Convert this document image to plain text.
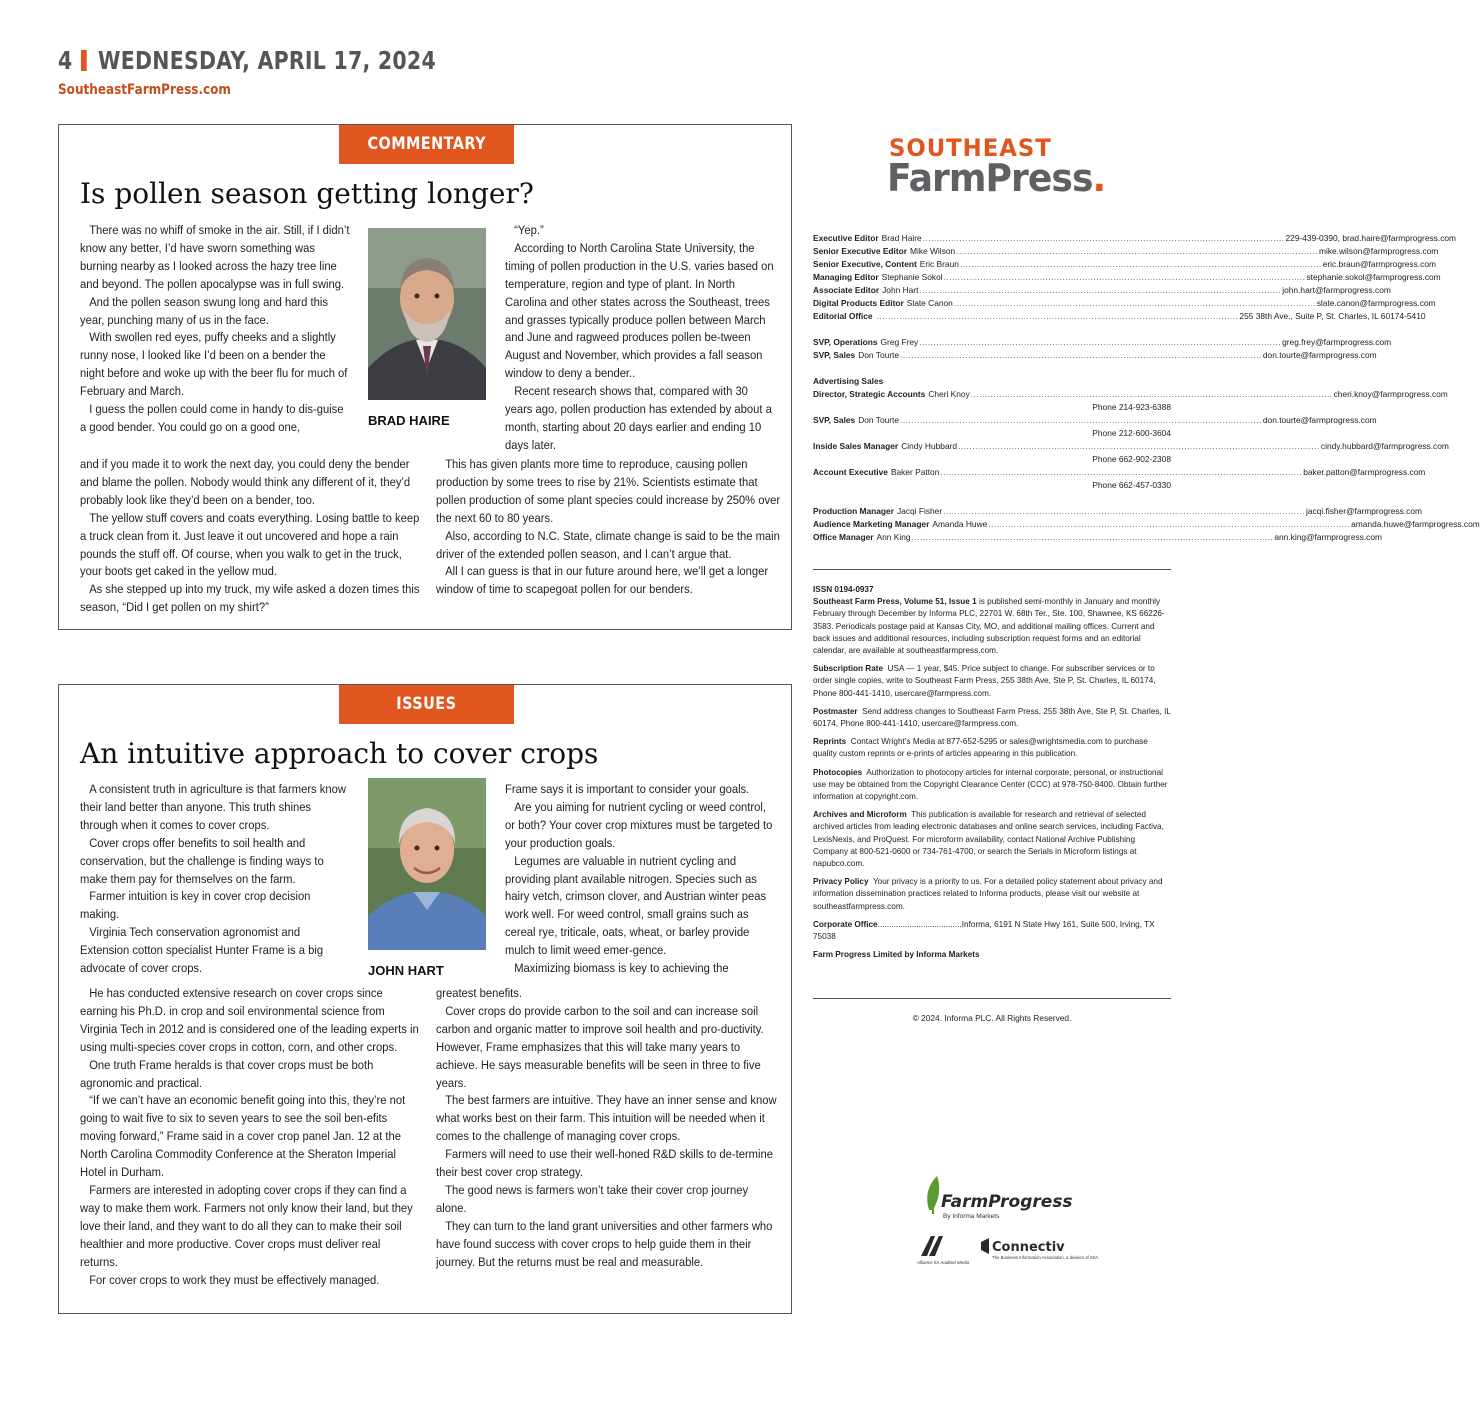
4 WEDNESDAY, APRIL 17, 2024
SoutheastFarmPress.com
COMMENTARY
Is pollen season getting longer?

There was no whiff of smoke in the air. Still, if I didn’t know any better, I’d have sworn something was burning nearby as I looked across the hazy tree line and beyond. The pollen apocalypse was in full swing.

And the pollen season swung long and hard this year, punching many of us in the face.

With swollen red eyes, puffy cheeks and a slightly runny nose, I looked like I’d been on a bender the night before and woke up with the beer flu for much of February and March.

I guess the pollen could come in handy to dis-guise a good bender. You could go on a good one,	BRAD HAIRE

“Yep.”

According to North Carolina State University, the timing of pollen production in the U.S. varies based on temperature, region and type of plant. In North Carolina and other states across the Southeast, trees and grasses typically produce pollen between March and June and ragweed produces pollen be-tween August and November, which provides a fall season window to deny a bender..

Recent research shows that, compared with 30 years ago, pollen production has extended by about a month, starting about 20 days earlier and ending 10 days later.

and if you made it to work the next day, you could deny the bender and blame the pollen. Nobody would think any different of it, they’d probably look like they’d been on a bender, too.

The yellow stuff covers and coats everything. Losing battle to keep a truck clean from it. Just leave it out uncovered and hope a rain pounds the stuff off. Of course, when you walk to get in the truck, your boots get caked in the yellow mud.

As she stepped up into my truck, my wife asked a dozen times this season, “Did I get pollen on my shirt?”

This has given plants more time to reproduce, causing pollen production by some trees to rise by 21%. Scientists estimate that pollen production of some plant species could increase by 250% over the next 60 to 80 years.

Also, according to N.C. State, climate change is said to be the main driver of the extended pollen season, and I can’t argue that.

All I can guess is that in our future around here, we’ll get a longer window of time to scapegoat pollen for our benders.

ISSUES
An intuitive approach to cover crops

A consistent truth in agriculture is that farmers know their land better than anyone. This truth shines through when it comes to cover crops.

Cover crops offer benefits to soil health and conservation, but the challenge is finding ways to make them pay for themselves on the farm.

Farmer intuition is key in cover crop decision making.

Virginia Tech conservation agronomist and Extension cotton specialist Hunter Frame is a big advocate of cover crops.	JOHN HART

Frame says it is important to consider your goals.

Are you aiming for nutrient cycling or weed control, or both? Your cover crop mixtures must be targeted to your production goals.

Legumes are valuable in nutrient cycling and providing plant available nitrogen. Species such as hairy vetch, crimson clover, and Austrian winter peas work well. For weed control, small grains such as cereal rye, triticale, oats, wheat, or barley provide mulch to limit weed emer-gence.

Maximizing biomass is key to achieving the

He has conducted extensive research on cover crops since earning his Ph.D. in crop and soil environmental science from Virginia Tech in 2012 and is considered one of the leading experts in using multi-species cover crops in cotton, corn, and other crops.

One truth Frame heralds is that cover crops must be both agronomic and practical.

“If we can’t have an economic benefit going into this, they’re not going to wait five to six to seven years to see the soil ben-efits moving forward,” Frame said in a cover crop panel Jan. 12 at the North Carolina Commodity Conference at the Sheraton Imperial Hotel in Durham.

Farmers are interested in adopting cover crops if they can find a way to make them work. Farmers not only know their land, but they love their land, and they want to do all they can to make their soil healthier and more productive. Cover crops must deliver real returns.

For cover crops to work they must be effectively managed.

greatest benefits.

Cover crops do provide carbon to the soil and can increase soil carbon and organic matter to improve soil health and pro-ductivity. However, Frame emphasizes that this will take many years to achieve. He says measurable benefits will be seen in three to five years.

The best farmers are intuitive. They have an inner sense and know what works best on their farm. This intuition will be needed when it comes to the challenge of managing cover crops.

Farmers will need to use their well-honed R&D skills to de-termine their best cover crop strategy.

The good news is farmers won’t take their cover crop journey alone.

They can turn to the land grant universities and other farmers who have found success with cover crops to help guide them in their journey. But the returns must be real and measurable.

SOUTHEAST
FarmPress.
Executive Editor Brad Haire .....	229-439-0390, brad.haire@farmprogress.com
Senior Executive Editor Mike Wilson .....	mike.wilson@farmprogress.com
Senior Executive, Content Eric Braun .....	eric.braun@farmprogress.com
Managing Editor Stephanie Sokol .....	stephanie.sokol@farmprogress.com
Associate Editor John Hart .....	john.hart@farmprogress.com
Digital Products Editor Slate Canon .....	slate.canon@farmprogress.com
Editorial Office .....	255 38th Ave., Suite P, St. Charles, IL 60174-5410
SVP, Operations Greg Frey .....	greg.frey@farmprogress.com
SVP, Sales Don Tourte .....	don.tourte@farmprogress.com
Advertising Sales
Director, Strategic Accounts Cheri Knoy .....	cheri.knoy@farmprogress.com
Phone 214-923-6388
SVP, Sales Don Tourte .....	don.tourte@farmprogress.com
Phone 212-600-3604
Inside Sales Manager Cindy Hubbard .....	cindy.hubbard@farmprogress.com
Phone 662-902-2308
Account Executive Baker Patton .....	baker.patton@farmprogress.com
Phone 662-457-0330
Production Manager Jacqi Fisher .....	jacqi.fisher@farmprogress.com
Audience Marketing Manager Amanda Huwe .....	amanda.huwe@farmprogress.com
Office Manager Ann King .....	ann.king@farmprogress.com

ISSN 0194-0937
Southeast Farm Press, Volume 51, Issue 1 is published semi-monthly in January and monthly February through December by Informa PLC, 22701 W. 68th Ter., Ste. 100, Shawnee, KS 66226-3583. Periodicals postage paid at Kansas City, MO, and additional mailing offices. Current and back issues and additional resources, including subscription request forms and an editorial calendar, are available at southeastfarmpress.com.

Subscription Rate USA — 1 year, $45. Price subject to change. For subscriber services or to order single copies, write to Southeast Farm Press, 255 38th Ave, Ste P, St. Charles, IL 60174, Phone 800-441-1410, usercare@farmpress.com.

Postmaster Send address changes to Southeast Farm Press, 255 38th Ave, Ste P, St. Charles, IL 60174, Phone 800-441-1410, usercare@farmpress.com.

Reprints Contact Wright’s Media at 877-652-5295 or sales@wrightsmedia.com to purchase quality custom reprints or e-prints of articles appearing in this publication.

Photocopies Authorization to photocopy articles for internal corporate, personal, or instructional use may be obtained from the Copyright Clearance Center (CCC) at 978-750-8400. Obtain further information at copyright.com.

Archives and Microform This publication is available for research and retrieval of selected archived articles from leading electronic databases and online search services, including Factiva, LexisNexis, and ProQuest. For microform availability, contact National Archive Publishing Company at 800-521-0600 or 734-761-4700, or search the Serials in Microform listings at napubco.com.

Privacy Policy Your privacy is a priority to us. For a detailed policy statement about privacy and information dissemination practices related to Informa products, please visit our website at southeastfarmpress.com.

Corporate Office.....................................Informa, 6191 N State Hwy 161, Suite 500, Irving, TX 75038

Farm Progress Limited by Informa Markets

© 2024. Informa PLC. All Rights Reserved.
FarmProgress
By Informa Markets
Alliance for Audited Media
Connectiv
The Business Information Association, a division of SIIA
